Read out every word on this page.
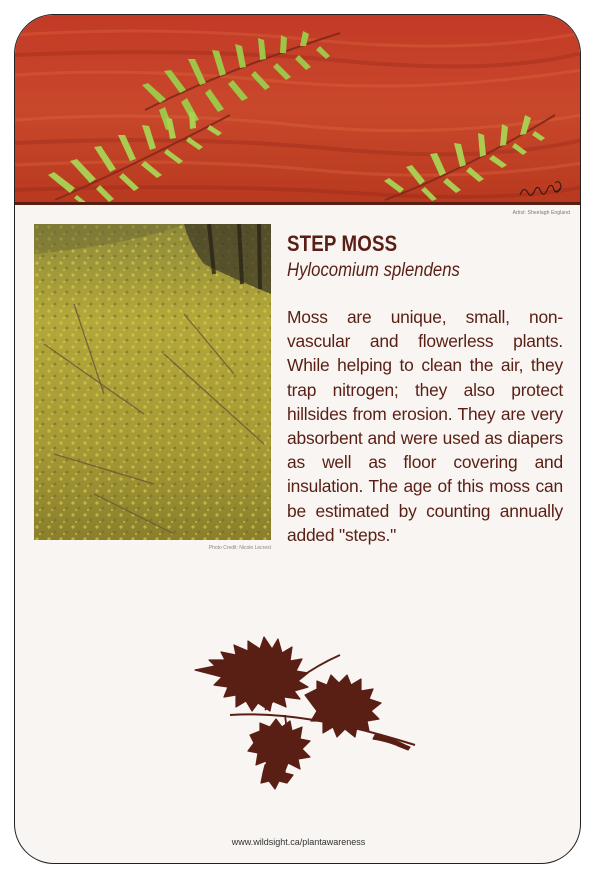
Artist: Sheelagh England
Photo Credit: Nicole Lecrest
STEP MOSS
Hylocomium splendens
Moss are unique, small, non-vascular and flowerless plants. While helping to clean the air, they trap nitrogen; they also protect hillsides from erosion. They are very absorbent and were used as diapers as well as floor covering and insulation. The age of this moss can be estimated by counting annually added "steps."
www.wildsight.ca/plantawareness
